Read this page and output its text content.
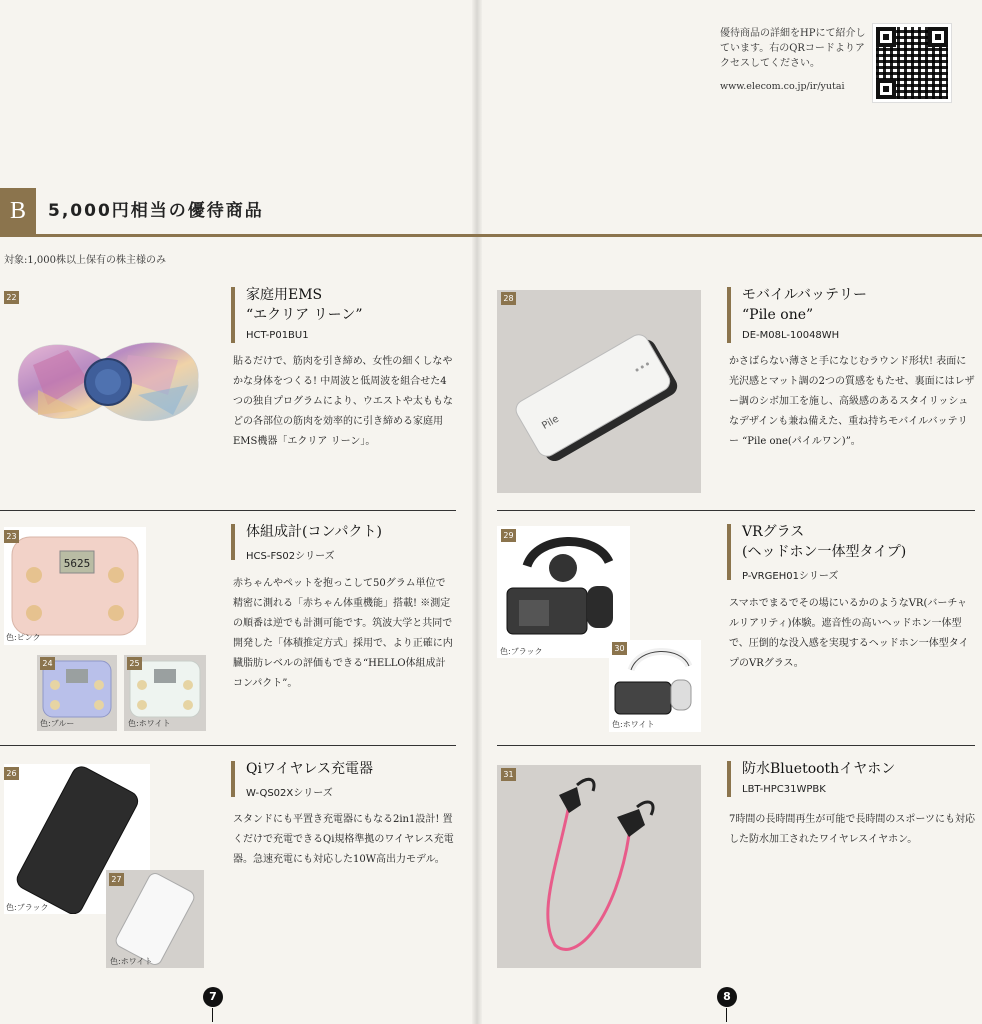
優待商品の詳細をHPにて紹介しています。右のQRコードよりアクセスしてください。
www.elecom.co.jp/ir/yutai
B	5,000円相当の優待商品
対象:1,000株以上保有の株主様のみ
22	家庭用EMS
“エクリア リーン”
HCT-P01BU1
貼るだけで、筋肉を引き締め、女性の細くしなやかな身体をつくる! 中周波と低周波を組合せた4つの独自プログラムにより、ウエストや太ももなどの各部位の筋肉を効率的に引き締める家庭用EMS機器「エクリア リーン」。
Pile
28	モバイルバッテリー
“Pile one”
DE-M08L-10048WH
かさばらない薄さと手になじむラウンド形状! 表面に光沢感とマット調の2つの質感をもたせ、裏面にはレザー調のシボ加工を施し、高級感のあるスタイリッシュなデザインも兼ね備えた、重ね持ちモバイルバッテリー “Pile one(パイルワン)”。
5625
23
色:ピンク
24
色:ブルー
25
色:ホワイト
体組成計(コンパクト)
HCS-FS02シリーズ
赤ちゃんやペットを抱っこして50グラム単位で精密に測れる「赤ちゃん体重機能」搭載! ※測定の順番は逆でも計測可能です。筑波大学と共同で開発した「体積推定方式」採用で、より正確に内臓脂肪レベルの評価もできる“HELLO体組成計 コンパクト”。
29
色:ブラック	30
色:ホワイト
VRグラス
(ヘッドホン一体型タイプ)
P-VRGEH01シリーズ
スマホでまるでその場にいるかのようなVR(バーチャルリアリティ)体験。遮音性の高いヘッドホン一体型で、圧倒的な没入感を実現するヘッドホン一体型タイプのVRグラス。
26
色:ブラック
27
色:ホワイト
Qiワイヤレス充電器
W-QS02Xシリーズ
スタンドにも平置き充電器にもなる2in1設計! 置くだけで充電できるQi規格準拠のワイヤレス充電器。急速充電にも対応した10W高出力モデル。
31	防水Bluetoothイヤホン
LBT-HPC31WPBK
7時間の長時間再生が可能で長時間のスポーツにも対応した防水加工されたワイヤレスイヤホン。
7	8
